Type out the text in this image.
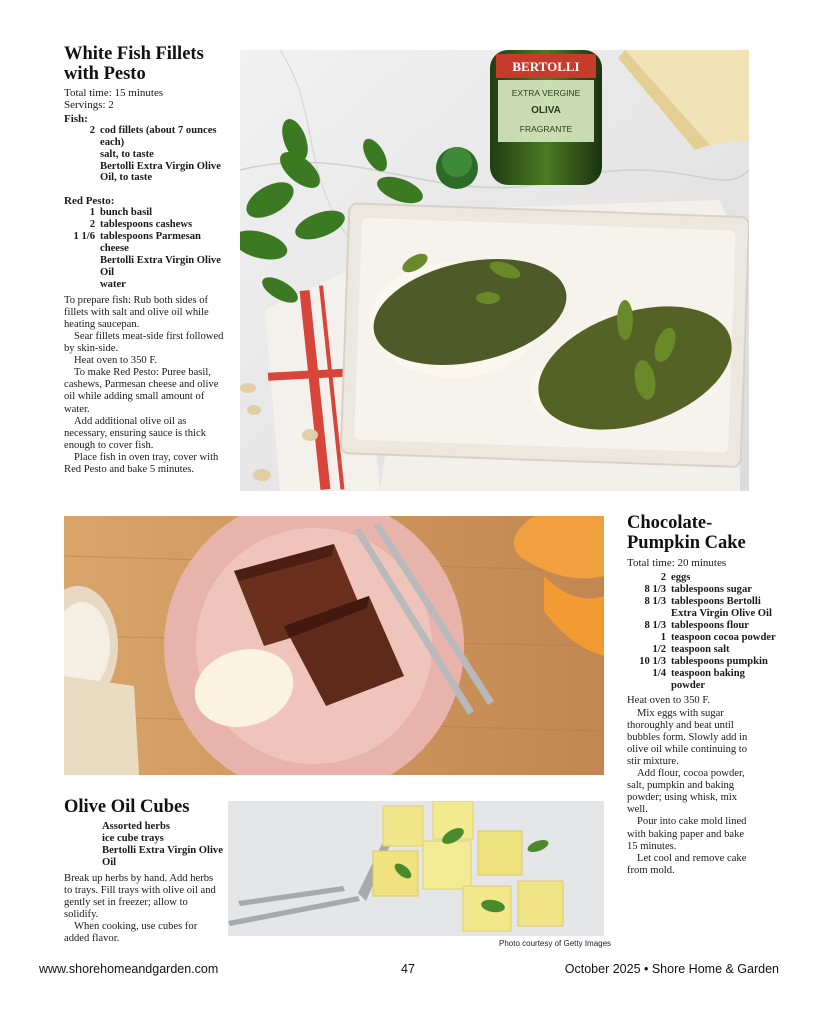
White Fish Fillets with Pesto
Total time: 15 minutes
Servings: 2
Fish:
2 cod fillets (about 7 ounces each)
salt, to taste
Bertolli Extra Virgin Olive Oil, to taste
Red Pesto:
1 bunch basil
2 tablespoons cashews
1 1/6 tablespoons Parmesan cheese
Bertolli Extra Virgin Olive Oil
water

To prepare fish: Rub both sides of fillets with salt and olive oil while heating saucepan.

Sear fillets meat-side first followed by skin-side.

Heat oven to 350 F.

To make Red Pesto: Puree basil, cashews, Parmesan cheese and olive oil while adding small amount of water.

Add additional olive oil as necessary, ensuring sauce is thick enough to cover fish.

Place fish in oven tray, cover with Red Pesto and bake 5 minutes.

BERTOLLI
EXTRA VERGINE
OLIVA
FRAGRANTE
Chocolate-Pumpkin Cake
Total time: 20 minutes
2 eggs
8 1/3 tablespoons sugar
8 1/3 tablespoons Bertolli Extra Virgin Olive Oil
8 1/3 tablespoons flour
1 teaspoon cocoa powder
1/2 teaspoon salt
10 1/3 tablespoons pumpkin
1/4 teaspoon baking powder

Heat oven to 350 F.

Mix eggs with sugar thoroughly and beat until bubbles form. Slowly add in olive oil while continuing to stir mixture.

Add flour, cocoa powder, salt, pumpkin and baking powder; using whisk, mix well.

Pour into cake mold lined with baking paper and bake 15 minutes.

Let cool and remove cake from mold.

Olive Oil Cubes
Assorted herbs
ice cube trays
Bertolli Extra Virgin Olive Oil

Break up herbs by hand. Add herbs to trays. Fill trays with olive oil and gently set in freezer; allow to solidify.

When cooking, use cubes for added flavor.	Photo courtesy of Getty Images
www.shorehomeandgarden.com	47	October 2025 • Shore Home & Garden
